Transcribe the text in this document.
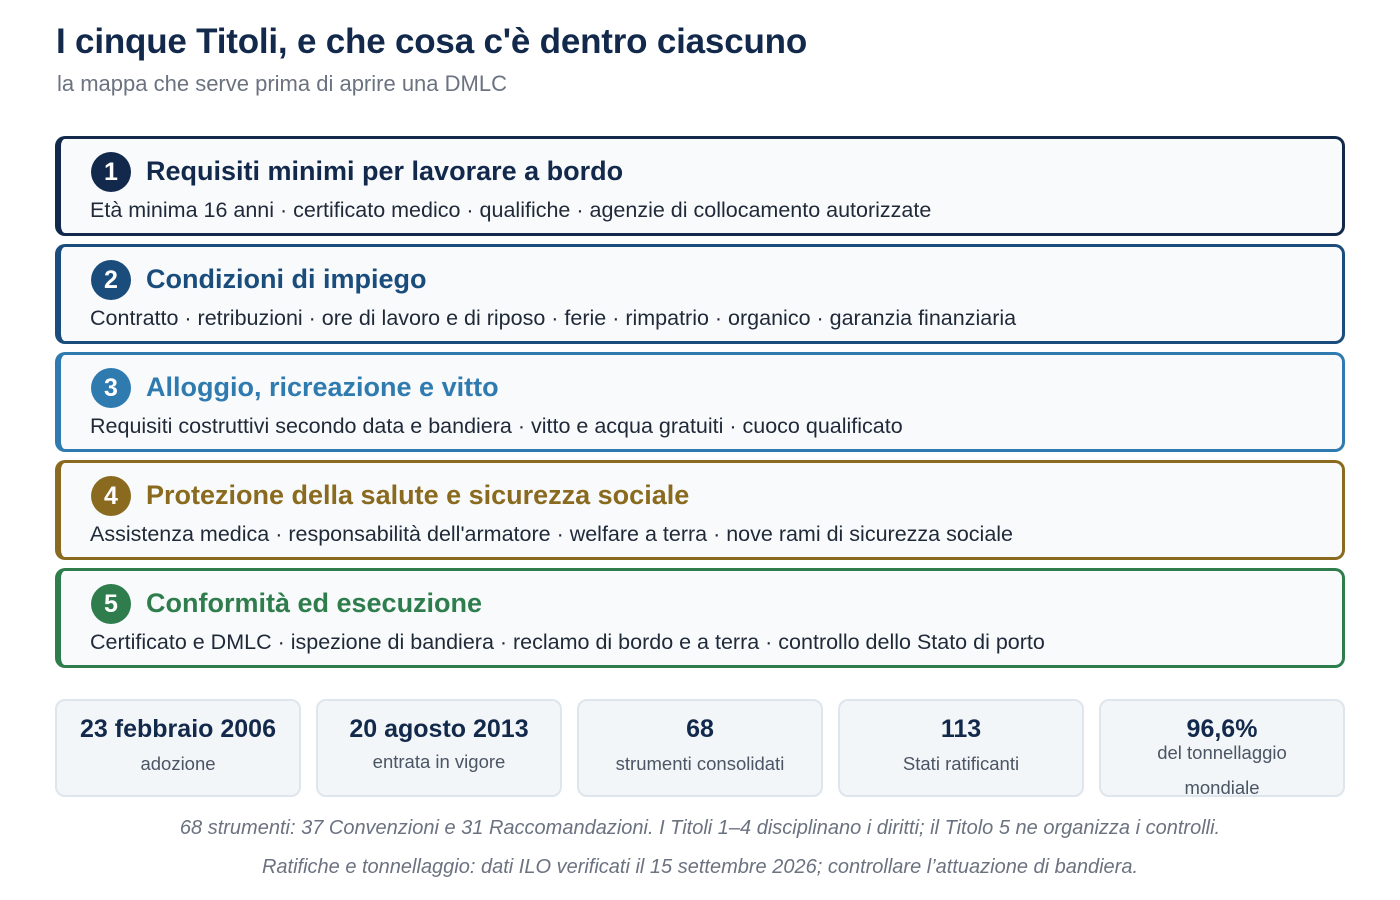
I cinque Titoli, e che cosa c'è dentro ciascuno
la mappa che serve prima di aprire una DMLC
1	Requisiti minimi per lavorare a bordo
Età minima 16 anni · certificato medico · qualifiche · agenzie di collocamento autorizzate
2	Condizioni di impiego
Contratto · retribuzioni · ore di lavoro e di riposo · ferie · rimpatrio · organico · garanzia finanziaria
3	Alloggio, ricreazione e vitto
Requisiti costruttivi secondo data e bandiera · vitto e acqua gratuiti · cuoco qualificato
4	Protezione della salute e sicurezza sociale
Assistenza medica · responsabilità dell'armatore · welfare a terra · nove rami di sicurezza sociale
5	Conformità ed esecuzione
Certificato e DMLC · ispezione di bandiera · reclamo di bordo e a terra · controllo dello Stato di porto
23 febbraio 2006
adozione
20 agosto 2013
entrata in vigore
68
strumenti consolidati
113
Stati ratificanti
96,6%
del tonnellaggio mondiale
68 strumenti: 37 Convenzioni e 31 Raccomandazioni. I Titoli 1–4 disciplinano i diritti; il Titolo 5 ne organizza i controlli.
Ratifiche e tonnellaggio: dati ILO verificati il 15 settembre 2026; controllare l’attuazione di bandiera.
